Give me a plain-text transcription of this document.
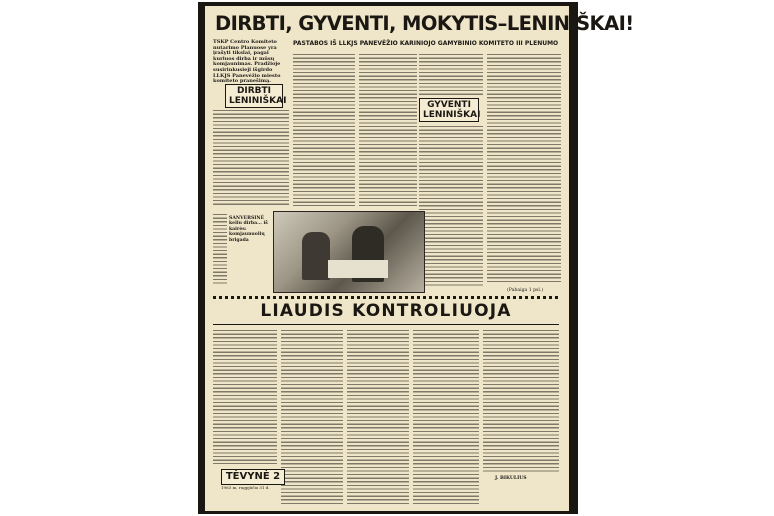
DIRBTI, GYVENTI, MOKYTIS–LENINIŠKAI!
PASTABOS IŠ LLKJS PANEVĖŽIO KARINIOJO GAMYBINIO KOMITETO III PLENUMO
TSKP Centro Komiteto nutarimo Planuose yra įrašyti tikslai, pagal kuriuos dirba ir mūsų komjaunimas. Pradžioje susirinkusieji išgirdo LLKJS Panevėžio miesto komiteto pranešimą.
DIRBTI LENINIŠKAI	GYVENTI LENINIŠKAI
SANVERSINĖ keliu dirba... iš kairės: komjaunuolių brigada
(Pabaiga 1 psl.)
LIAUDIS KONTROLIUOJA
TĖVYNĖ 2
1963 m. rugpjūčio 31 d.
J. BIKULIUS
